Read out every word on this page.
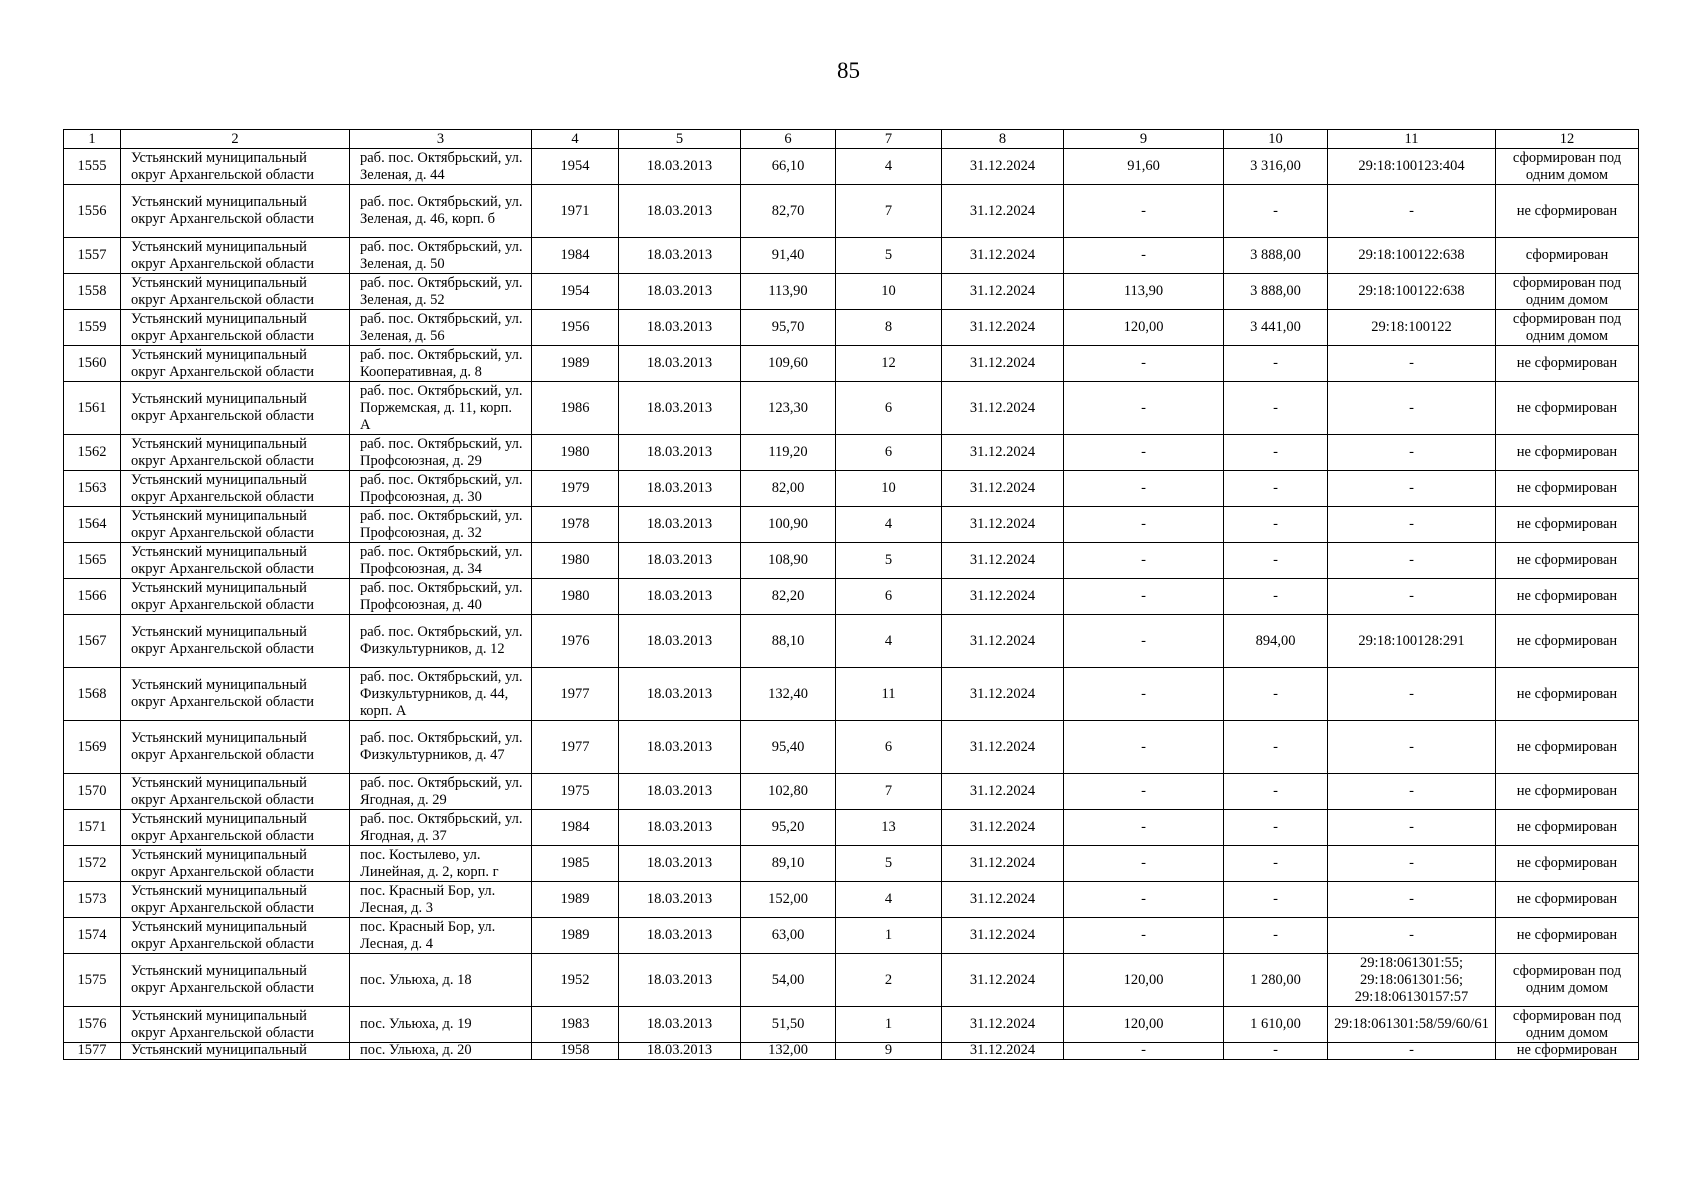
85
1	2	3	4	5	6	7	8	9	10	11	12
1555	Устьянский муниципальный округ Архангельской области	раб. пос. Октябрьский, ул. Зеленая, д. 44	1954	18.03.2013	66,10	4	31.12.2024	91,60	3 316,00	29:18:100123:404	сформирован под одним домом
1556	Устьянский муниципальный округ Архангельской области	раб. пос. Октябрьский, ул. Зеленая, д. 46, корп. б	1971	18.03.2013	82,70	7	31.12.2024	-	-	-	не сформирован
1557	Устьянский муниципальный округ Архангельской области	раб. пос. Октябрьский, ул. Зеленая, д. 50	1984	18.03.2013	91,40	5	31.12.2024	-	3 888,00	29:18:100122:638	сформирован
1558	Устьянский муниципальный округ Архангельской области	раб. пос. Октябрьский, ул. Зеленая, д. 52	1954	18.03.2013	113,90	10	31.12.2024	113,90	3 888,00	29:18:100122:638	сформирован под одним домом
1559	Устьянский муниципальный округ Архангельской области	раб. пос. Октябрьский, ул. Зеленая, д. 56	1956	18.03.2013	95,70	8	31.12.2024	120,00	3 441,00	29:18:100122	сформирован под одним домом
1560	Устьянский муниципальный округ Архангельской области	раб. пос. Октябрьский, ул. Кооперативная, д. 8	1989	18.03.2013	109,60	12	31.12.2024	-	-	-	не сформирован
1561	Устьянский муниципальный округ Архангельской области	раб. пос. Октябрьский, ул. Поржемская, д. 11, корп. А	1986	18.03.2013	123,30	6	31.12.2024	-	-	-	не сформирован
1562	Устьянский муниципальный округ Архангельской области	раб. пос. Октябрьский, ул. Профсоюзная, д. 29	1980	18.03.2013	119,20	6	31.12.2024	-	-	-	не сформирован
1563	Устьянский муниципальный округ Архангельской области	раб. пос. Октябрьский, ул. Профсоюзная, д. 30	1979	18.03.2013	82,00	10	31.12.2024	-	-	-	не сформирован
1564	Устьянский муниципальный округ Архангельской области	раб. пос. Октябрьский, ул. Профсоюзная, д. 32	1978	18.03.2013	100,90	4	31.12.2024	-	-	-	не сформирован
1565	Устьянский муниципальный округ Архангельской области	раб. пос. Октябрьский, ул. Профсоюзная, д. 34	1980	18.03.2013	108,90	5	31.12.2024	-	-	-	не сформирован
1566	Устьянский муниципальный округ Архангельской области	раб. пос. Октябрьский, ул. Профсоюзная, д. 40	1980	18.03.2013	82,20	6	31.12.2024	-	-	-	не сформирован
1567	Устьянский муниципальный округ Архангельской области	раб. пос. Октябрьский, ул. Физкультурников, д. 12	1976	18.03.2013	88,10	4	31.12.2024	-	894,00	29:18:100128:291	не сформирован
1568	Устьянский муниципальный округ Архангельской области	раб. пос. Октябрьский, ул. Физкультурников, д. 44, корп. А	1977	18.03.2013	132,40	11	31.12.2024	-	-	-	не сформирован
1569	Устьянский муниципальный округ Архангельской области	раб. пос. Октябрьский, ул. Физкультурников, д. 47	1977	18.03.2013	95,40	6	31.12.2024	-	-	-	не сформирован
1570	Устьянский муниципальный округ Архангельской области	раб. пос. Октябрьский, ул. Ягодная, д. 29	1975	18.03.2013	102,80	7	31.12.2024	-	-	-	не сформирован
1571	Устьянский муниципальный округ Архангельской области	раб. пос. Октябрьский, ул. Ягодная, д. 37	1984	18.03.2013	95,20	13	31.12.2024	-	-	-	не сформирован
1572	Устьянский муниципальный округ Архангельской области	пос. Костылево, ул. Линейная, д. 2, корп. г	1985	18.03.2013	89,10	5	31.12.2024	-	-	-	не сформирован
1573	Устьянский муниципальный округ Архангельской области	пос. Красный Бор, ул. Лесная, д. 3	1989	18.03.2013	152,00	4	31.12.2024	-	-	-	не сформирован
1574	Устьянский муниципальный округ Архангельской области	пос. Красный Бор, ул. Лесная, д. 4	1989	18.03.2013	63,00	1	31.12.2024	-	-	-	не сформирован
1575	Устьянский муниципальный округ Архангельской области	пос. Ульюха, д. 18	1952	18.03.2013	54,00	2	31.12.2024	120,00	1 280,00	29:18:061301:55; 29:18:061301:56; 29:18:06130157:57	сформирован под одним домом
1576	Устьянский муниципальный округ Архангельской области	пос. Ульюха, д. 19	1983	18.03.2013	51,50	1	31.12.2024	120,00	1 610,00	29:18:061301:58/59/60/61	сформирован под одним домом
1577	Устьянский муниципальный	пос. Ульюха, д. 20	1958	18.03.2013	132,00	9	31.12.2024	-	-	-	не сформирован
